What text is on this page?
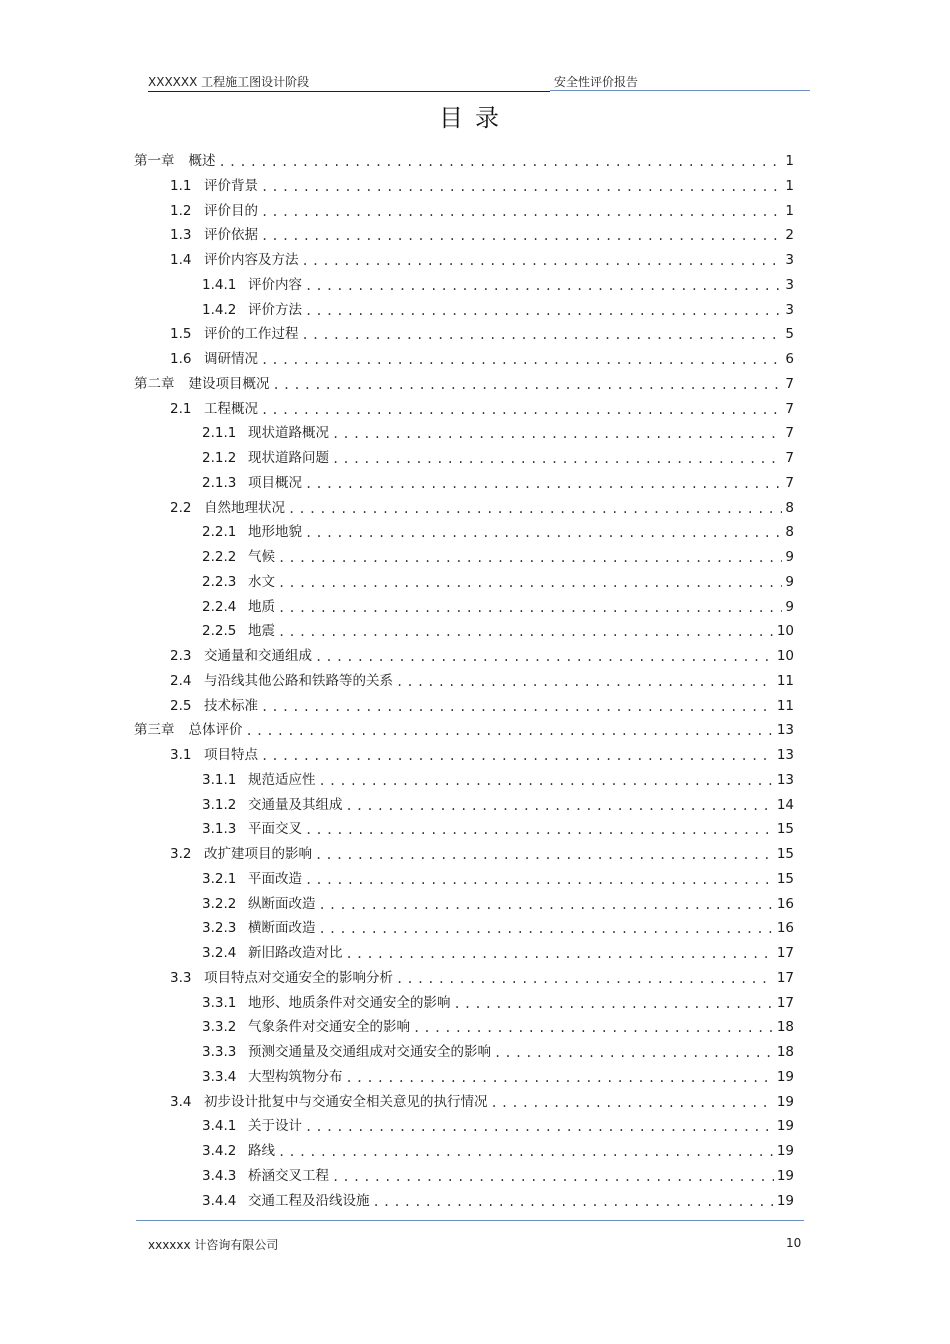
XXXXXX 工程施工图设计阶段	安全性评价报告
目录
第一章 概述 .....	1
1.1 评价背景 .....	1
1.2 评价目的 .....	1
1.3 评价依据 .....	2
1.4 评价内容及方法 .....	3
1.4.1 评价内容 .....	3
1.4.2 评价方法 .....	3
1.5 评价的工作过程 .....	5
1.6 调研情况 .....	6
第二章 建设项目概况 .....	7
2.1 工程概况 .....	7
2.1.1 现状道路概况 .....	7
2.1.2 现状道路问题 .....	7
2.1.3 项目概况 .....	7
2.2 自然地理状况 .....	8
2.2.1 地形地貌 .....	8
2.2.2 气候 .....	9
2.2.3 水文 .....	9
2.2.4 地质 .....	9
2.2.5 地震 .....	10
2.3 交通量和交通组成 .....	10
2.4 与沿线其他公路和铁路等的关系 .....	11
2.5 技术标准 .....	11
第三章 总体评价 .....	13
3.1 项目特点 .....	13
3.1.1 规范适应性 .....	13
3.1.2 交通量及其组成 .....	14
3.1.3 平面交叉 .....	15
3.2 改扩建项目的影响 .....	15
3.2.1 平面改造 .....	15
3.2.2 纵断面改造 .....	16
3.2.3 横断面改造 .....	16
3.2.4 新旧路改造对比 .....	17
3.3 项目特点对交通安全的影响分析 .....	17
3.3.1 地形、地质条件对交通安全的影响 .....	17
3.3.2 气象条件对交通安全的影响 .....	18
3.3.3 预测交通量及交通组成对交通安全的影响 .....	18
3.3.4 大型构筑物分布 .....	19
3.4 初步设计批复中与交通安全相关意见的执行情况 .....	19
3.4.1 关于设计 .....	19
3.4.2 路线 .....	19
3.4.3 桥涵交叉工程 .....	19
3.4.4 交通工程及沿线设施 .....	19
xxxxxx 计咨询有限公司	10
